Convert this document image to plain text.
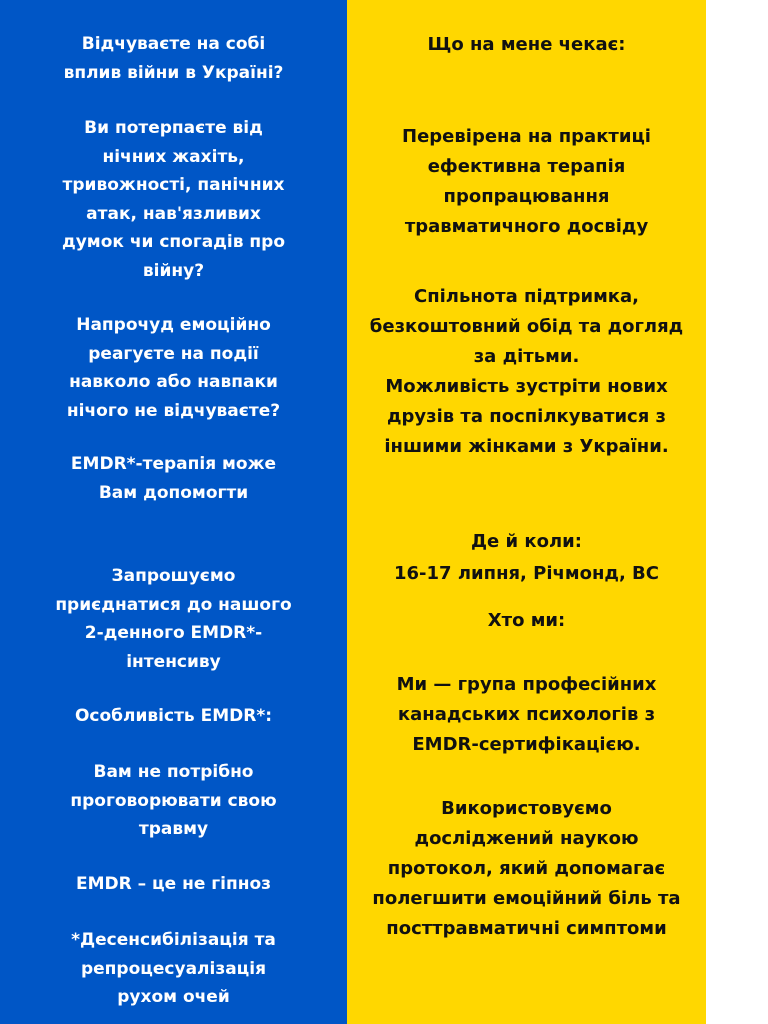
Відчуваєте на собі
вплив війни в Україні?

Ви потерпаєте від
нічних жахіть,
тривожності, панічних
атак, нав'язливих
думок чи спогадів про
війну?

Напрочуд емоційно
реагуєте на події
навколо або навпаки
нічого не відчуваєте?

EMDR*-терапія може
Вам допомогти

Запрошуємо
приєднатися до нашого
2-денного EMDR*-
інтенсиву

Особливість EMDR*:

Вам не потрібно
проговорювати свою
травму

EMDR – це не гіпноз

*Десенсибілізація та
репроцесуалізація
рухом очей

Що на мене чекає:

Перевірена на практиці
ефективна терапія
пропрацювання
травматичного досвіду

Спільнота підтримка,
безкоштовний обід та догляд
за дітьми.
Можливість зустріти нових
друзів та поспілкуватися з
іншими жінками з України.

Де й коли:

16-17 липня, Річмонд, BC

Хто ми:

Ми — група професійних
канадських психологів з
EMDR-сертифікацією.

Використовуємо
досліджений наукою
протокол, який допомагає
полегшити емоційний біль та
посттравматичні симптоми
